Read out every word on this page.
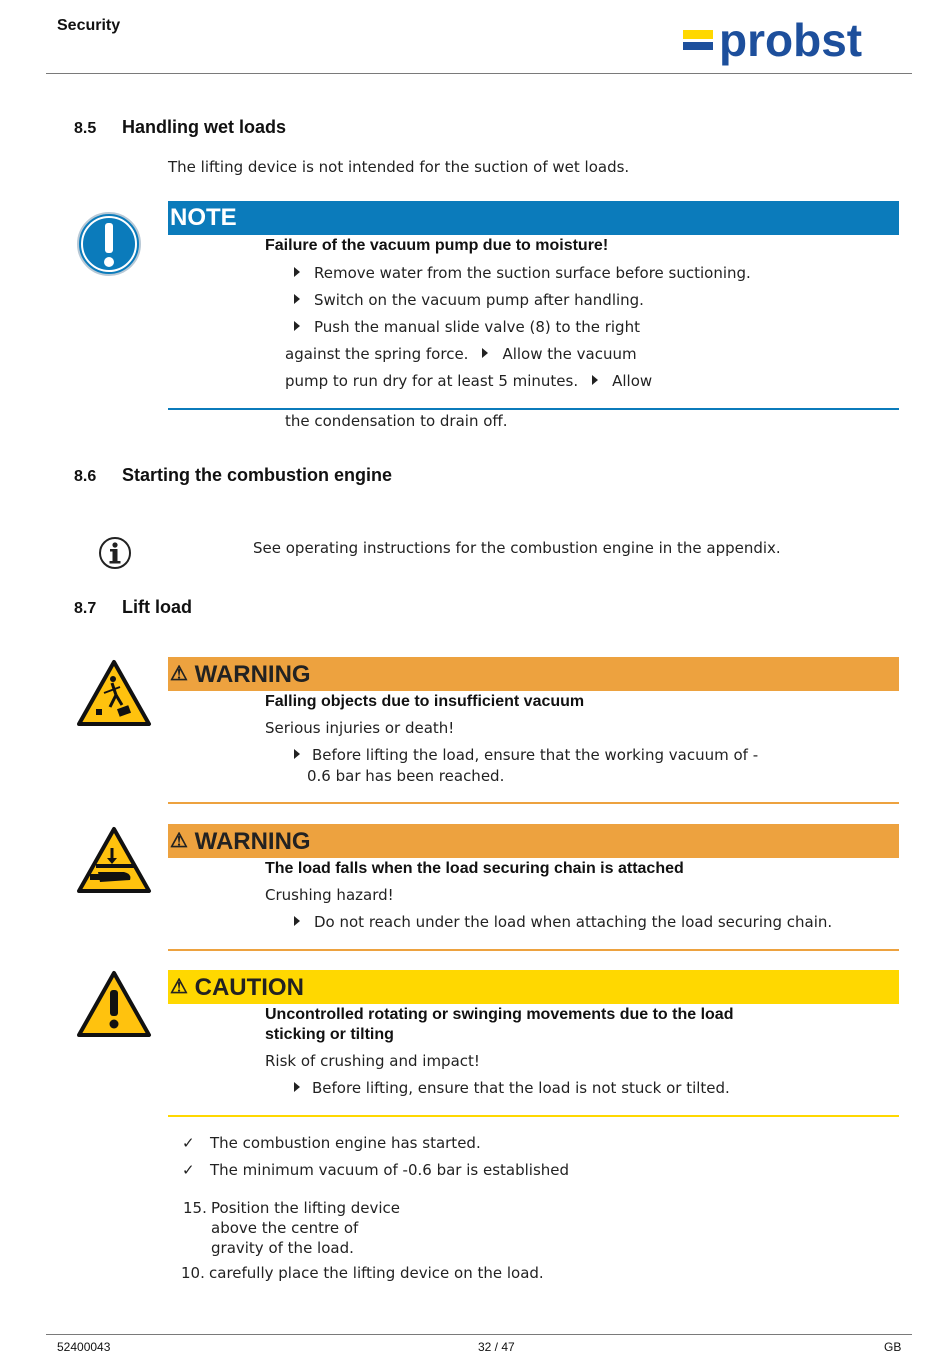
Security	probst
8.5 Handling wet loads
The lifting device is not intended for the suction of wet loads.
NOTE
Failure of the vacuum pump due to moisture!
Remove water from the suction surface before suctioning.
Switch on the vacuum pump after handling.
Push the manual slide valve (8) to the right
against the spring force. Allow the vacuum
pump to run dry for at least 5 minutes. Allow
the condensation to drain off.
8.6 Starting the combustion engine
See operating instructions for the combustion engine in the appendix.
8.7 Lift load
⚠ WARNING
Falling objects due to insufficient vacuum
Serious injuries or death!
Before lifting the load, ensure that the working vacuum of -
0.6 bar has been reached.
⚠ WARNING
The load falls when the load securing chain is attached
Crushing hazard!
Do not reach under the load when attaching the load securing chain.
⚠ CAUTION
Uncontrolled rotating or swinging movements due to the load
sticking or tilting
Risk of crushing and impact!
Before lifting, ensure that the load is not stuck or tilted.
✓ The combustion engine has started.
✓ The minimum vacuum of -0.6 bar is established
15. Position the lifting device
above the centre of
gravity of the load.
10. carefully place the lifting device on the load.
52400043	32 / 47	GB
